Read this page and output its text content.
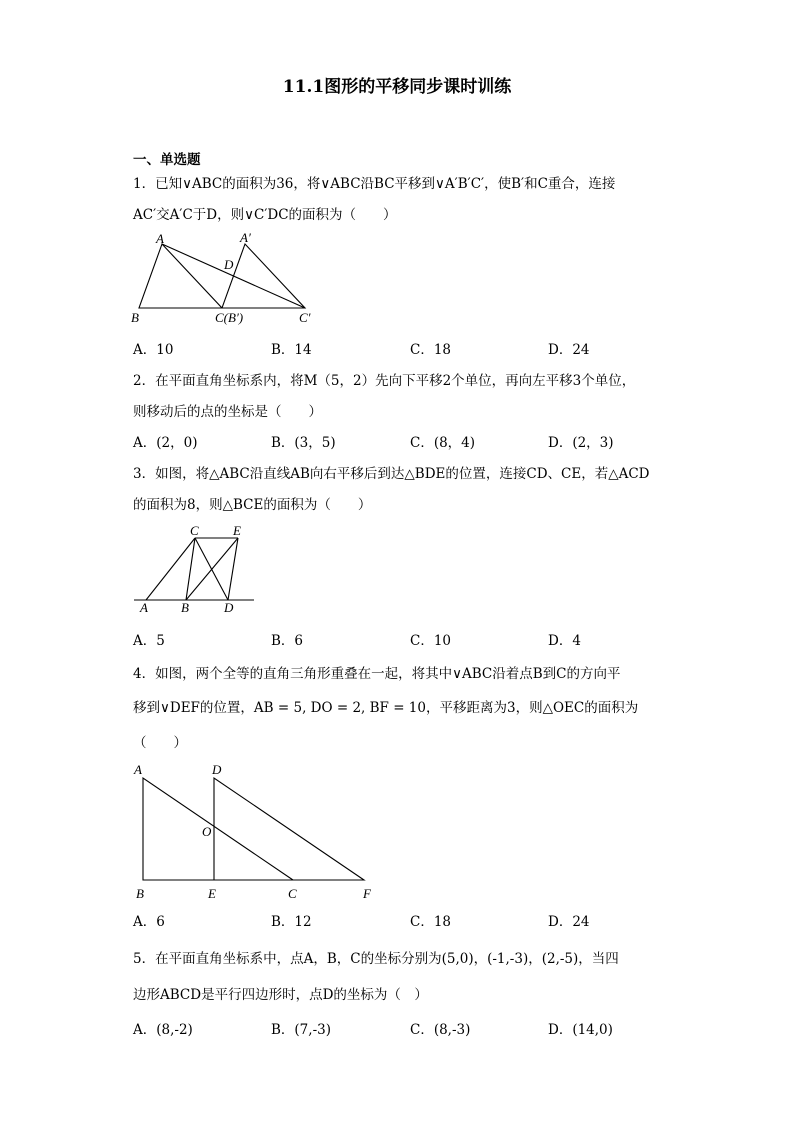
11.1图形的平移同步课时训练
一、单选题
1．已知∨ABC的面积为36，将∨ABC沿BC平移到∨A′B′C′，使B′和C重合，连接
AC′交A′C于D，则∨C′DC的面积为（　　）
A	A′
D
B	C(B′)	C′
A．10	B．14	C．18	D．24
2．在平面直角坐标系内，将M（5，2）先向下平移2个单位，再向左平移3个单位，
则移动后的点的坐标是（　　）
A．(2，0)	B．(3，5)	C．(8，4)	D．(2，3)
3．如图，将△ABC沿直线AB向右平移后到达△BDE的位置，连接CD、CE，若△ACD
的面积为8，则△BCE的面积为（　　）
C	E
A	B	D
A．5	B．6	C．10	D．4
4．如图，两个全等的直角三角形重叠在一起，将其中∨ABC沿着点B到C的方向平
移到∨DEF的位置，AB = 5, DO = 2, BF = 10，平移距离为3，则△OEC的面积为
（　　）
A	D
O
B	E	C	F
A．6	B．12	C．18	D．24
5．在平面直角坐标系中，点A，B，C的坐标分别为(5,0)，(-1,-3)，(2,-5)，当四
边形ABCD是平行四边形时，点D的坐标为（　）
A．(8,-2)	B．(7,-3)	C．(8,-3)	D．(14,0)
